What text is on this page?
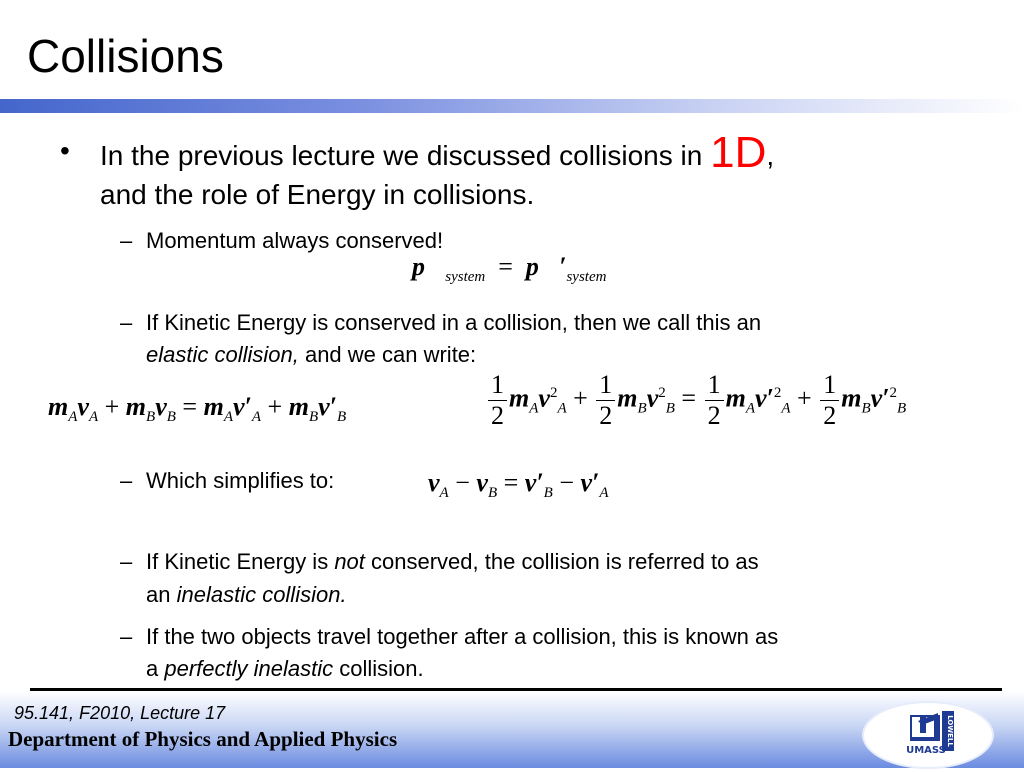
Collisions
• In the previous lecture we discussed collisions in 1D,
and the role of Energy in collisions.
– Momentum always conserved!
$p⃗_{system}$  =  $p⃗'_{system}$
– If Kinetic Energy is conserved in a collision, then we call this an
elastic collision, and we can write:
$m_Av_A + m_Bv_B = m_Av'_A + m_Bv'_B$	$\frac{1}{2} m_Av^2_A + \frac{1}{2} m_Bv^2_B = \frac{1}{2} m_Av'^2_A + \frac{1}{2} m_Bv'^2_B$
– Which simplifies to:	$v_A - v_B = v'_B - v'_A$
– If Kinetic Energy is not conserved, the collision is referred to as
an inelastic collision.
– If the two objects travel together after a collision, this is known as
a perfectly inelastic collision.
95.141, F2010, Lecture 17
Department of Physics and Applied Physics	UMASS
LOWELL
